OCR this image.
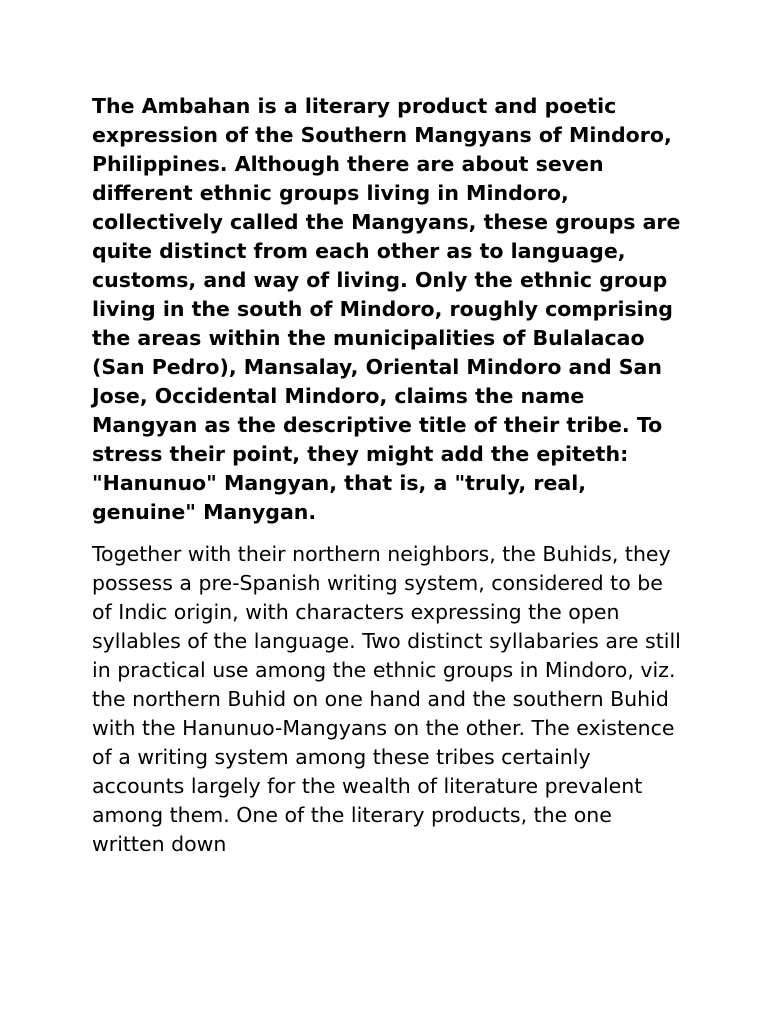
The Ambahan is a literary product and poetic expression of the Southern Mangyans of Mindoro, Philippines. Although there are about seven different ethnic groups living in Mindoro, collectively called the Mangyans, these groups are quite distinct from each other as to language, customs, and way of living. Only the ethnic group living in the south of Mindoro, roughly comprising the areas within the municipalities of Bulalacao (San Pedro), Mansalay, Oriental Mindoro and San Jose, Occidental Mindoro, claims the name Mangyan as the descriptive title of their tribe. To stress their point, they might add the epiteth: "Hanunuo" Mangyan, that is, a "truly, real, genuine" Manygan.

Together with their northern neighbors, the Buhids, they possess a pre-Spanish writing system, considered to be of Indic origin, with characters expressing the open syllables of the language. Two distinct syllabaries are still in practical use among the ethnic groups in Mindoro, viz. the northern Buhid on one hand and the southern Buhid with the Hanunuo-Mangyans on the other. The existence of a writing system among these tribes certainly accounts largely for the wealth of literature prevalent among them. One of the literary products, the one written down
